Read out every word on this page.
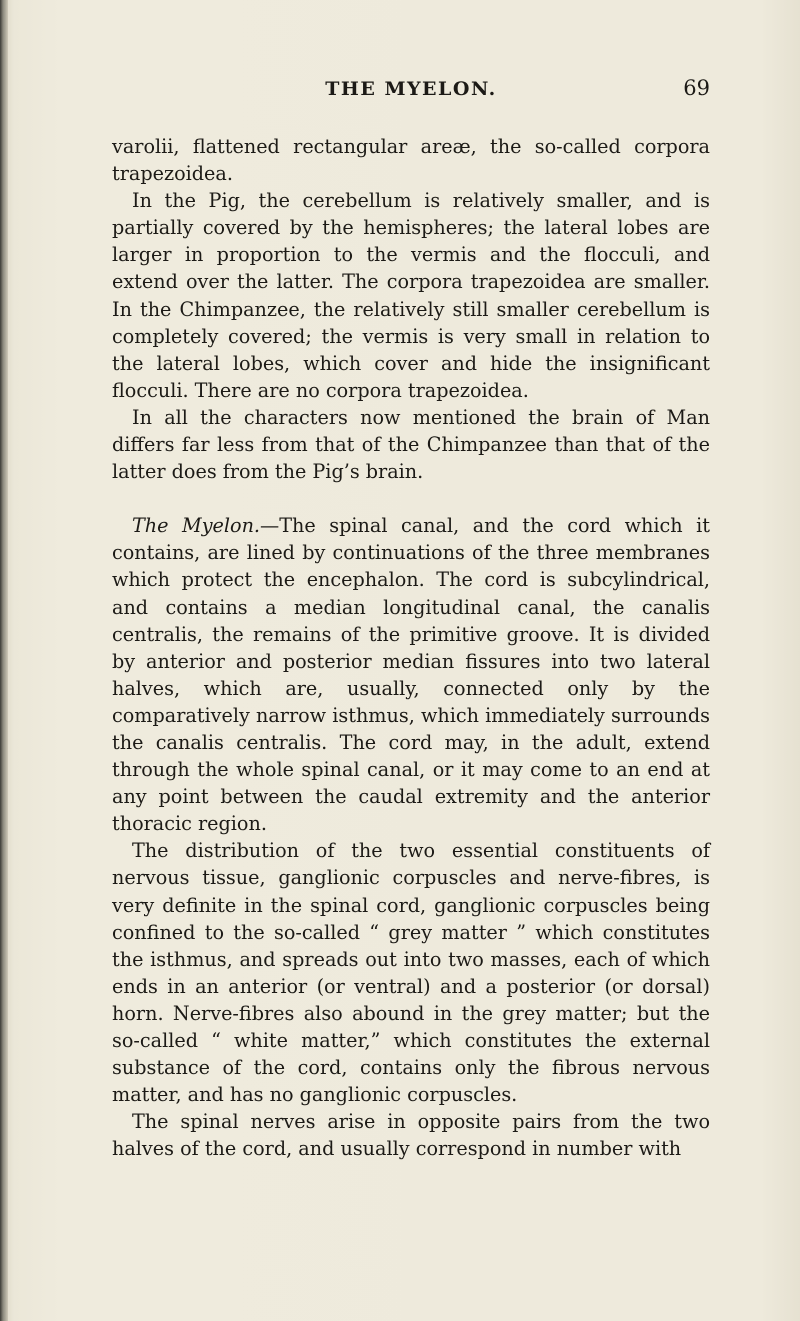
THE MYELON.	69

varolii, flattened rectangular areæ, the so-called corpora trapezoidea.

In the Pig, the cerebellum is relatively smaller, and is partially covered by the hemispheres; the lateral lobes are larger in proportion to the vermis and the flocculi, and extend over the latter. The corpora trapezoidea are smaller. In the Chimpanzee, the relatively still smaller cerebellum is completely covered; the vermis is very small in relation to the lateral lobes, which cover and hide the insignificant flocculi. There are no corpora trapezoidea.

In all the characters now mentioned the brain of Man differs far less from that of the Chimpanzee than that of the latter does from the Pig’s brain.

The Myelon.—The spinal canal, and the cord which it contains, are lined by continuations of the three membranes which protect the encephalon. The cord is subcylindrical, and contains a median longitudinal canal, the canalis centralis, the remains of the primitive groove. It is divided by anterior and posterior median fissures into two lateral halves, which are, usually, connected only by the comparatively narrow isthmus, which immediately surrounds the canalis centralis. The cord may, in the adult, extend through the whole spinal canal, or it may come to an end at any point between the caudal extremity and the anterior thoracic region.

The distribution of the two essential constituents of nervous tissue, ganglionic corpuscles and nerve-fibres, is very definite in the spinal cord, ganglionic corpuscles being confined to the so-called “ grey matter ” which constitutes the isthmus, and spreads out into two masses, each of which ends in an anterior (or ventral) and a posterior (or dorsal) horn. Nerve-fibres also abound in the grey matter; but the so-called “ white matter,” which constitutes the external substance of the cord, contains only the fibrous nervous matter, and has no ganglionic corpuscles.

The spinal nerves arise in opposite pairs from the two halves of the cord, and usually correspond in number with
